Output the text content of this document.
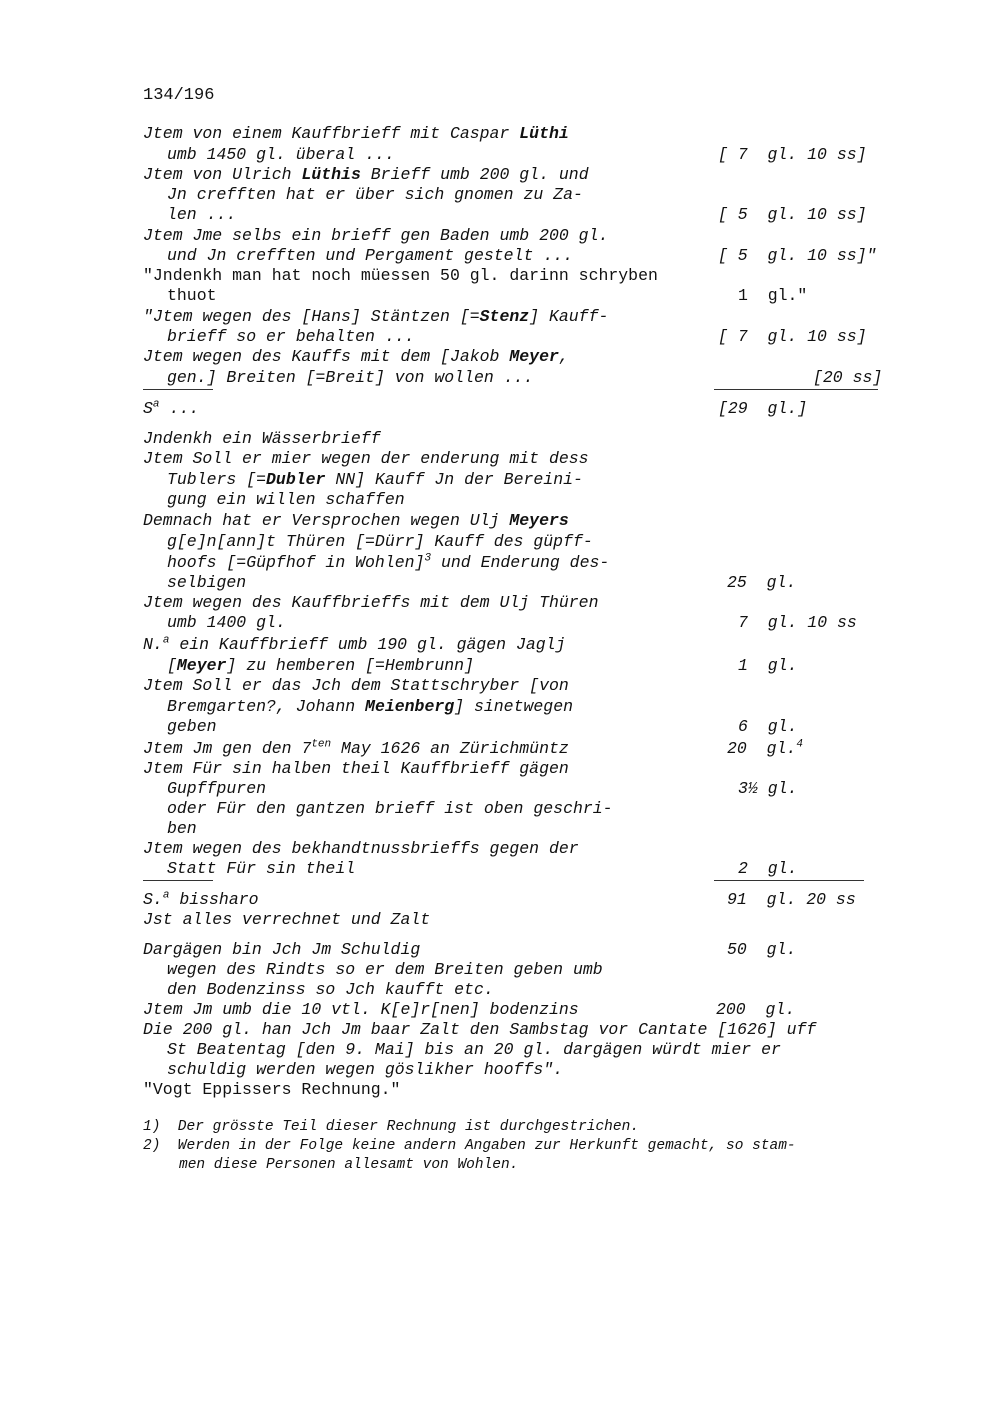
134/196
Jtem von einem Kauffbrieff mit Caspar Lüthi
umb 1450 gl. überal ...
Jtem von Ulrich Lüthis Brieff umb 200 gl. und
Jn crefften hat er über sich gnomen zu Za-
len ...
Jtem Jme selbs ein brieff gen Baden umb 200 gl.
und Jn crefften und Pergament gestelt ...
"Jndenkh man hat noch müessen 50 gl. darinn schryben
thuot
"Jtem wegen des [Hans] Stäntzen [=Stenz] Kauff-
brieff so er behalten ...
Jtem wegen des Kauffs mit dem [Jakob Meyer,
gen.] Breiten [=Breit] von wollen ...
$S^a$ ...
Jndenkh ein Wässerbrieff
Jtem Soll er mier wegen der enderung mit dess
Tublers [=Dubler NN] Kauff Jn der Bereini-
gung ein willen schaffen
Demnach hat er Versprochen wegen Ulj Meyers
g[e]n[ann]t Thüren [=Dürr] Kauff des güpff-
hoofs [=Güpfhof in Wohlen]$^3$ und Enderung des-
selbigen
Jtem wegen des Kauffbrieffs mit dem Ulj Thüren
umb 1400 gl.
N.$^a$ ein Kauffbrieff umb 190 gl. gägen Jaglj
[Meyer] zu hemberen [=Hembrunn]
Jtem Soll er das Jch dem Stattschryber [von
Bremgarten?, Johann Meienberg] sinetwegen
geben
Jtem Jm gen den $7^{ten}$ May 1626 an Zürichmüntz
Jtem Für sin halben theil Kauffbrieff gägen
Gupffpuren
oder Für den gantzen brieff ist oben geschri-
ben
Jtem wegen des bekhandtnussbrieffs gegen der
Statt Für sin theil
S.$^a$ bissharo
Jst alles verrechnet und Zalt
Dargägen bin Jch Jm Schuldig
wegen des Rindts so er dem Breiten geben umb
den Bodenzinss so Jch kaufft etc.
Jtem Jm umb die 10 vtl. K[e]r[nen] bodenzins
Die 200 gl. han Jch Jm baar Zalt den Sambstag vor Cantate [1626] uff
St Beatentag [den 9. Mai] bis an 20 gl. dargägen würdt mier er
schuldig werden wegen göslikher hooffs".
"Vogt Eppissers Rechnung."
[ 7  gl. 10 ss]
[ 5  gl. 10 ss]
[ 5  gl. 10 ss]"
1  gl."
[ 7  gl. 10 ss]
[20 ss]
[29  gl.]
25  gl.
7  gl. 10 ss
1  gl.
6  gl.
20  gl.$^4$
3½ gl.
2  gl.
91  gl. 20 ss
50  gl.
200  gl.
1)  Der grösste Teil dieser Rechnung ist durchgestrichen.
2)  Werden in der Folge keine andern Angaben zur Herkunft gemacht, so stam-
men diese Personen allesamt von Wohlen.
